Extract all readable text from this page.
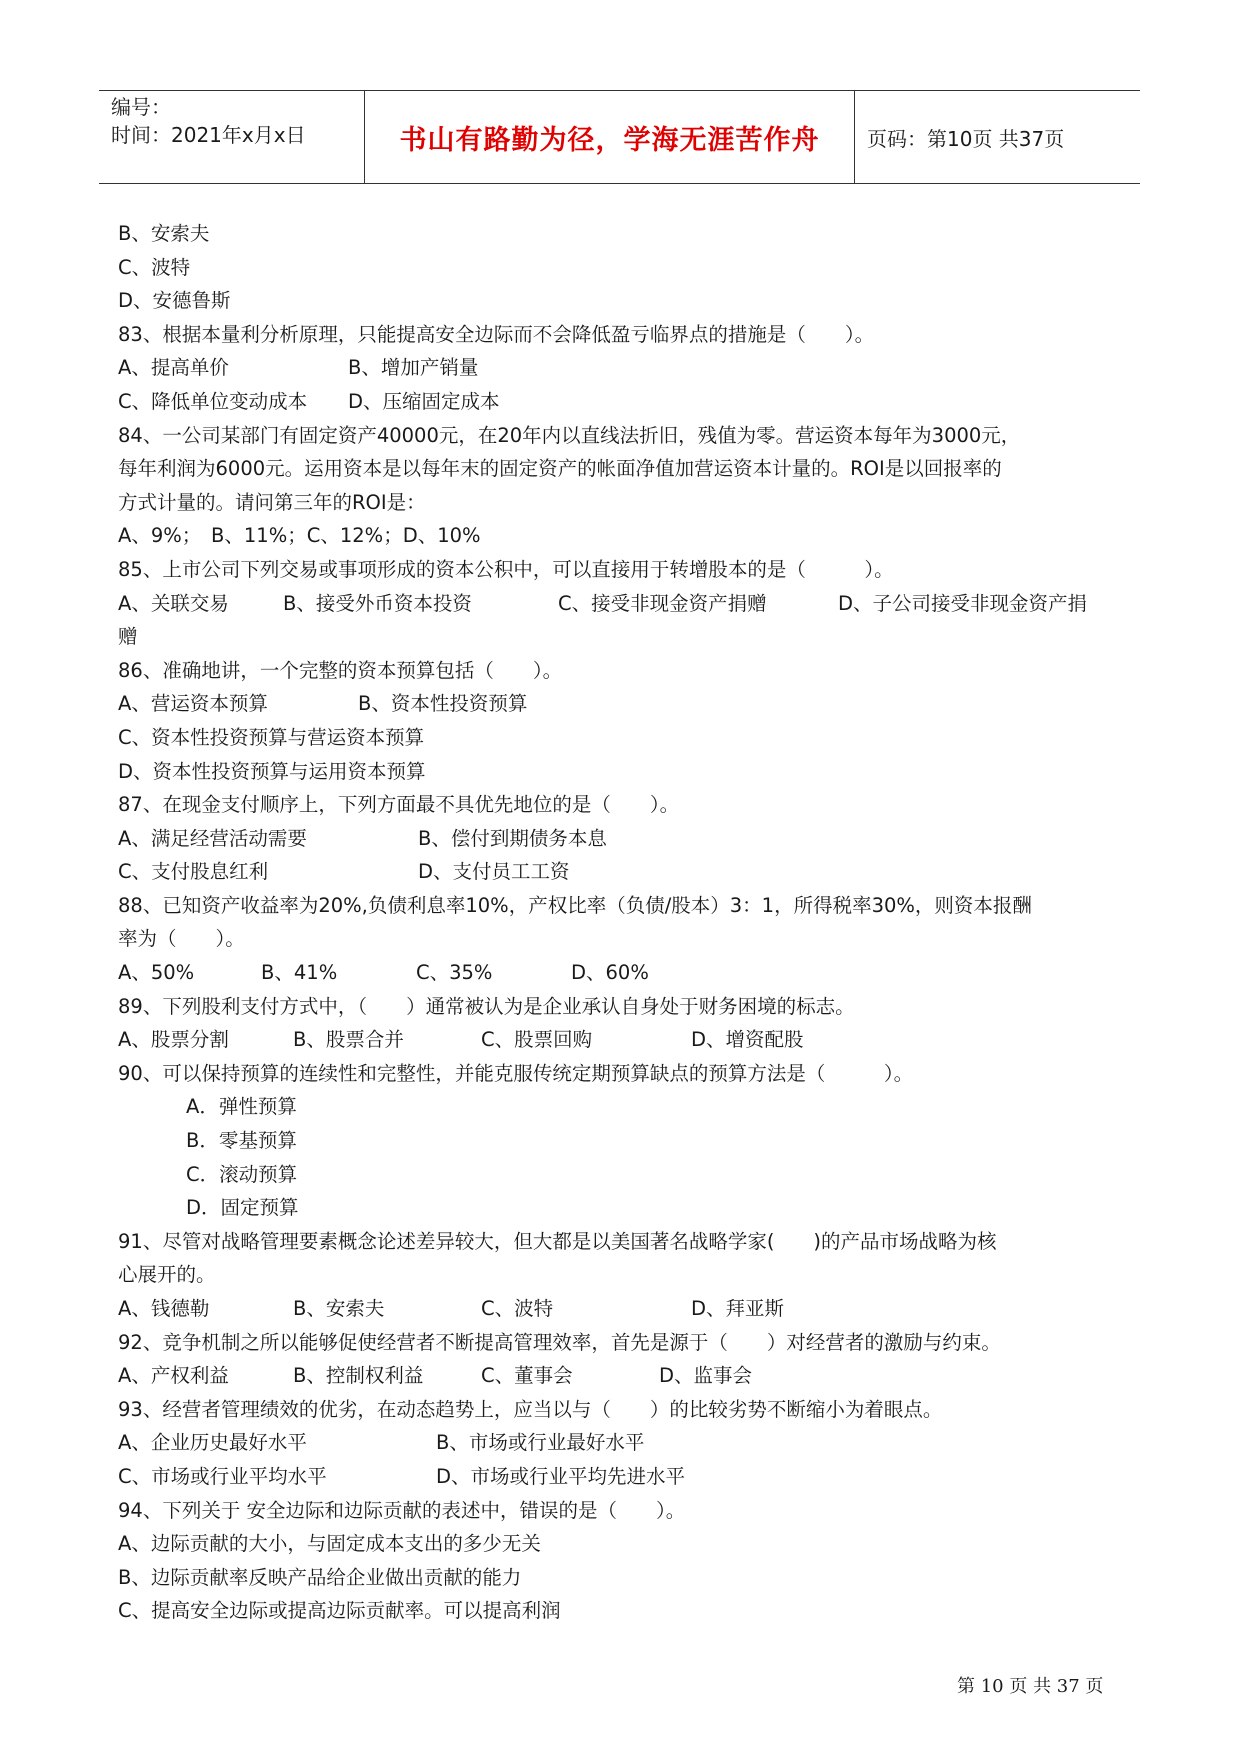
编号：
时间：2021年x月x日	书山有路勤为径，学海无涯苦作舟 页码：第10页 共37页
B、安索夫
C、波特
D、安德鲁斯
83、根据本量利分析原理，只能提高安全边际而不会降低盈亏临界点的措施是（　　）。
A、提高单价	B、增加产销量
C、降低单位变动成本 D、压缩固定成本
84、一公司某部门有固定资产40000元，在20年内以直线法折旧，残值为零。营运资本每年为3000元，
每年利润为6000元。运用资本是以每年末的固定资产的帐面净值加营运资本计量的。ROI是以回报率的
方式计量的。请问第三年的ROI是：
A、9%；　B、11%；C、12%；D、10%
85、上市公司下列交易或事项形成的资本公积中，可以直接用于转增股本的是（　　　）。
A、关联交易	B、接受外币资本投资	C、接受非现金资产捐赠	D、子公司接受非现金资产捐
赠
86、准确地讲，一个完整的资本预算包括（　　）。
A、营运资本预算	B、资本性投资预算
C、资本性投资预算与营运资本预算
D、资本性投资预算与运用资本预算
87、在现金支付顺序上，下列方面最不具优先地位的是（　　）。
A、满足经营活动需要	B、偿付到期债务本息
C、支付股息红利	D、支付员工工资
88、已知资产收益率为20%,负债利息率10%，产权比率（负债/股本）3：1，所得税率30%，则资本报酬
率为（　　）。
A、50%	B、41%	C、35%	D、60%
89、下列股利支付方式中，（　　）通常被认为是企业承认自身处于财务困境的标志。
A、股票分割	B、股票合并	C、股票回购	D、增资配股
90、可以保持预算的连续性和完整性，并能克服传统定期预算缺点的预算方法是（　　　）。
A．弹性预算
B．零基预算
C．滚动预算
D．固定预算
91、尽管对战略管理要素概念论述差异较大，但大都是以美国著名战略学家(　　)的产品市场战略为核
心展开的。
A、钱德勒	B、安索夫	C、波特	D、拜亚斯
92、竞争机制之所以能够促使经营者不断提高管理效率，首先是源于（　　）对经营者的激励与约束。
A、产权利益	B、控制权利益	C、董事会	D、监事会
93、经营者管理绩效的优劣，在动态趋势上，应当以与（　　）的比较劣势不断缩小为着眼点。
A、企业历史最好水平	B、市场或行业最好水平
C、市场或行业平均水平	D、市场或行业平均先进水平
94、下列关于 安全边际和边际贡献的表述中，错误的是（　　）。
A、边际贡献的大小，与固定成本支出的多少无关
B、边际贡献率反映产品给企业做出贡献的能力
C、提高安全边际或提高边际贡献率。可以提高利润
第 10 页 共 37 页
